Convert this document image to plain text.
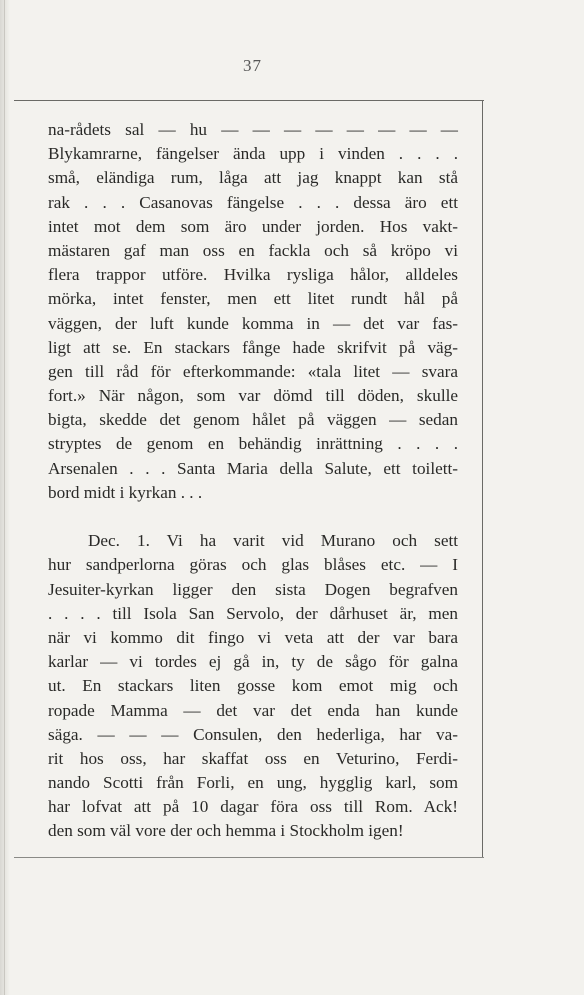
37
na-rådets sal — hu — — — — — — — —
Blykamrarne, fängelser ända upp i vinden . . . .
små, eländiga rum, låga att jag knappt kan stå
rak . . . Casanovas fängelse . . . dessa äro ett
intet mot dem som äro under jorden. Hos vakt-
mästaren gaf man oss en fackla och så kröpo vi
flera trappor utföre. Hvilka rysliga hålor, alldeles
mörka, intet fenster, men ett litet rundt hål på
väggen, der luft kunde komma in — det var fas-
ligt att se. En stackars fånge hade skrifvit på väg-
gen till råd för efterkommande: «tala litet — svara
fort.» När någon, som var dömd till döden, skulle
bigta, skedde det genom hålet på väggen — sedan
stryptes de genom en behändig inrättning . . . .
Arsenalen . . . Santa Maria della Salute, ett toilett-
bord midt i kyrkan . . .
Dec. 1. Vi ha varit vid Murano och sett
hur sandperlorna göras och glas blåses etc. — I
Jesuiter-kyrkan ligger den sista Dogen begrafven
. . . . till Isola San Servolo, der dårhuset är, men
när vi kommo dit fingo vi veta att der var bara
karlar — vi tordes ej gå in, ty de sågo för galna
ut. En stackars liten gosse kom emot mig och
ropade Mamma — det var det enda han kunde
säga. — — — Consulen, den hederliga, har va-
rit hos oss, har skaffat oss en Veturino, Ferdi-
nando Scotti från Forli, en ung, hygglig karl, som
har lofvat att på 10 dagar föra oss till Rom. Ack!
den som väl vore der och hemma i Stockholm igen!
